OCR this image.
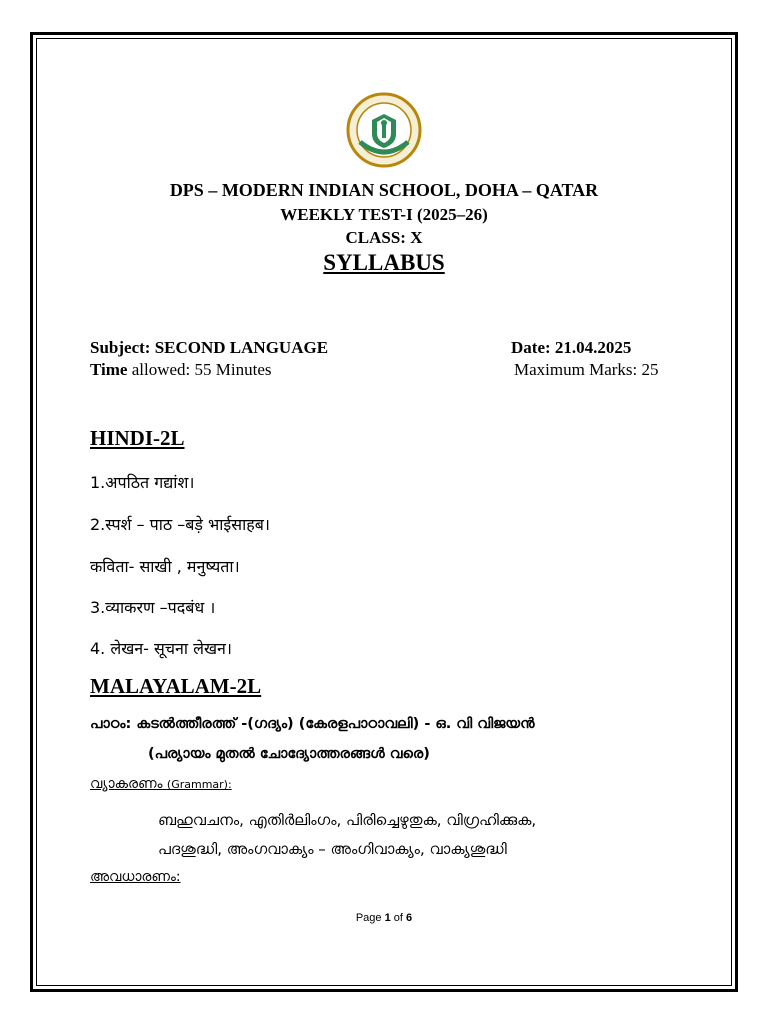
DPS – MODERN INDIAN SCHOOL, DOHA – QATAR
WEEKLY TEST-I (2025–26)
CLASS: X
SYLLABUS
Subject: SECOND LANGUAGE	Date: 21.04.2025
Time allowed: 55 Minutes	Maximum Marks: 25
HINDI-2L
1.अपठित गद्यांश।
2.स्पर्श – पाठ –बड़े भाईसाहब।
कविता- साखी , मनुष्यता।
3.व्याकरण –पदबंध ।
4. लेखन- सूचना लेखन।
MALAYALAM-2L
പാഠം: കടൽത്തീരത്ത് -(ഗദ്യം) (കേരളപാഠാവലി) - ഒ. വി വിജയൻ
(പര്യായം മുതൽ ചോദ്യോത്തരങ്ങൾ വരെ)
വ്യാകരണം (Grammar):
ബഹുവചനം, എതിർലിംഗം, പിരിച്ചെഴുതുക, വിഗ്രഹിക്കുക,
പദശുദ്ധി, അംഗവാക്യം – അംഗിവാക്യം, വാക്യശുദ്ധി
അവധാരണം:
Page 1 of 6
